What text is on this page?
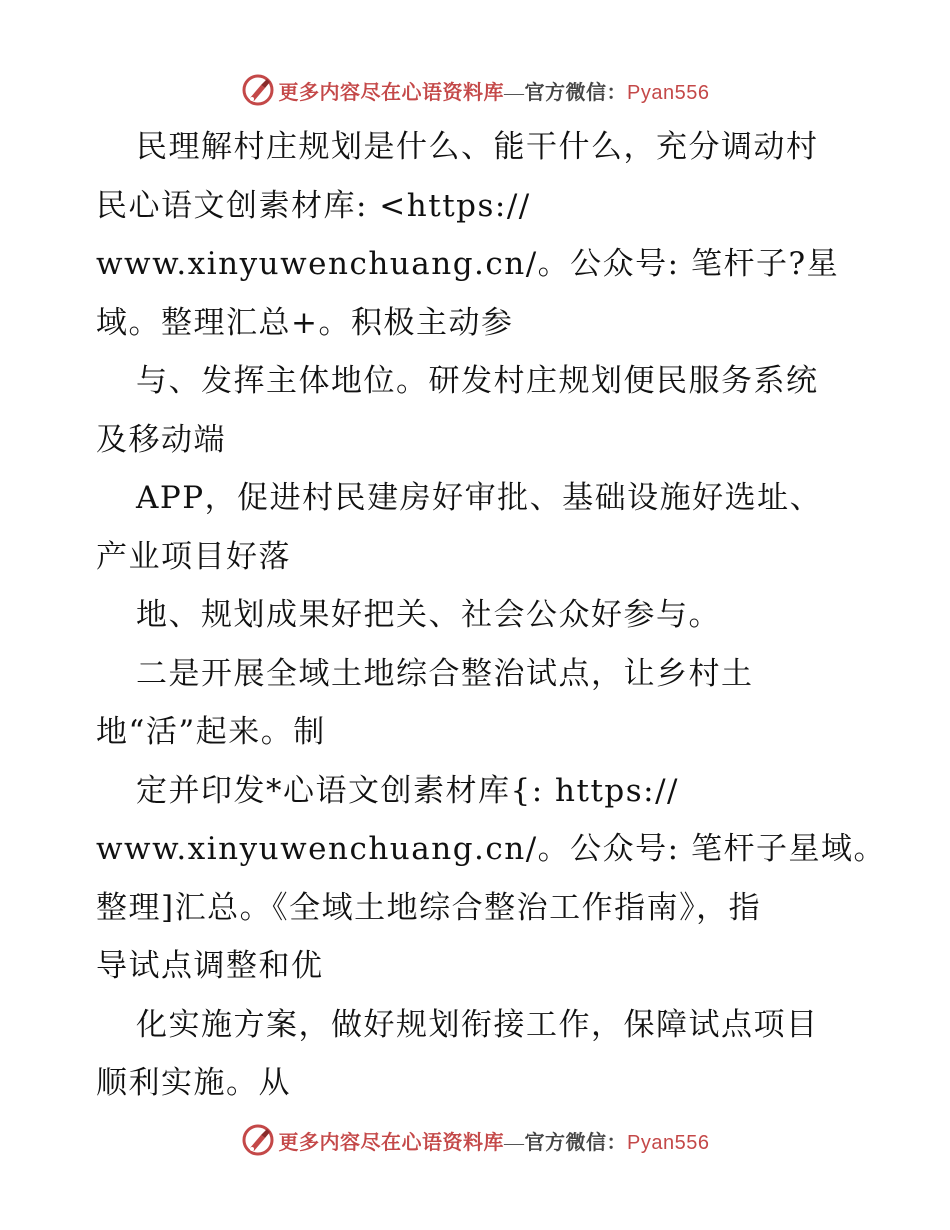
更多内容尽在心语资料库—官方微信：Pyan556
民理解村庄规划是什么、能干什么，充分调动村
民心语文创素材库: <https://
www.xinyuwenchuang.cn/。公众号: 笔杆子?星
域。整理汇总+。积极主动参
与、发挥主体地位。研发村庄规划便民服务系统
及移动端
APP，促进村民建房好审批、基础设施好选址、
产业项目好落
地、规划成果好把关、社会公众好参与。
二是开展全域土地综合整治试点，让乡村土
地“活”起来。制
定并印发*心语文创素材库{: https://
www.xinyuwenchuang.cn/。公众号: 笔杆子星域。
整理]汇总。《全域土地综合整治工作指南》，指
导试点调整和优
化实施方案，做好规划衔接工作，保障试点项目
顺利实施。从
更多内容尽在心语资料库—官方微信：Pyan556
